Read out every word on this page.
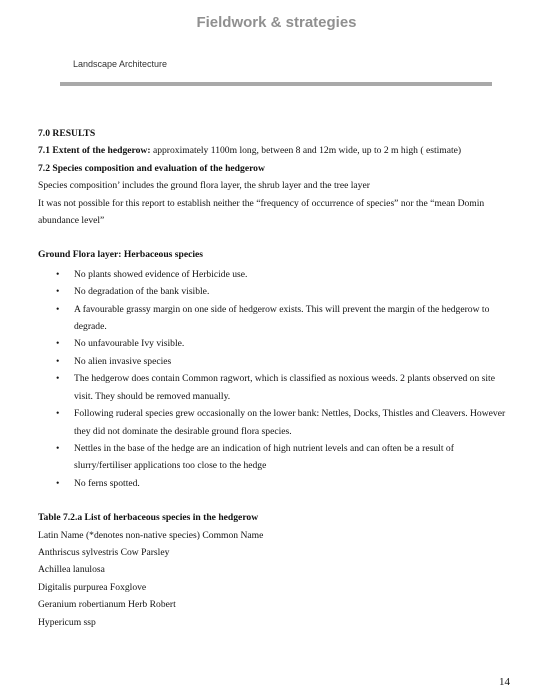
Fieldwork & strategies
Landscape Architecture

7.0 RESULTS

7.1 Extent of the hedgerow: approximately 1100m long, between 8 and 12m wide, up to 2 m high ( estimate)

7.2 Species composition and evaluation of the hedgerow

Species composition’ includes the ground flora layer, the shrub layer and the tree layer

It was not possible for this report to establish neither the “frequency of occurrence of species” nor the “mean Domin abundance level”

Ground Flora layer: Herbaceous species

• No plants showed evidence of Herbicide use.
• No degradation of the bank visible.
• A favourable grassy margin on one side of hedgerow exists. This will prevent the margin of the hedgerow to degrade.
• No unfavourable Ivy visible.
• No alien invasive species
• The hedgerow does contain Common ragwort, which is classified as noxious weeds. 2 plants observed on site visit. They should be removed manually.
• Following ruderal species grew occasionally on the lower bank: Nettles, Docks, Thistles and Cleavers. However they did not dominate the desirable ground flora species.
• Nettles in the base of the hedge are an indication of high nutrient levels and can often be a result of slurry/fertiliser applications too close to the hedge
• No ferns spotted.

Table 7.2.a List of herbaceous species in the hedgerow

Latin Name (*denotes non-native species) Common Name

Anthriscus sylvestris Cow Parsley

Achillea lanulosa

Digitalis purpurea Foxglove

Geranium robertianum Herb Robert

Hypericum ssp

14
